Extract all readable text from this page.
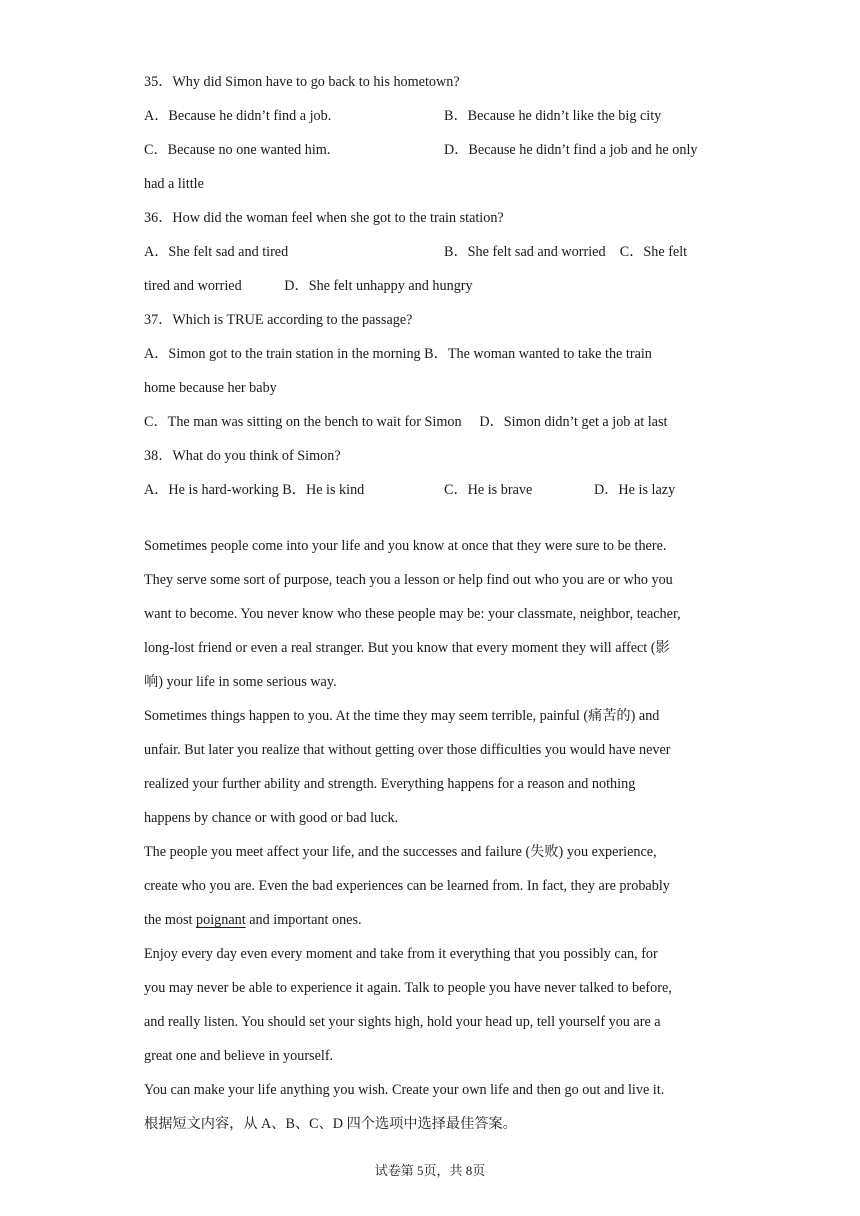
35．Why did Simon have to go back to his hometown?
A．Because he didn’t find a job.	B．Because he didn’t like the big city
C．Because no one wanted him.	D．Because he didn’t find a job and he only
had a little
36．How did the woman feel when she got to the train station?
A．She felt sad and tired	B．She felt sad and worried　C．She felt
tired and worried　　　D．She felt unhappy and hungry
37．Which is TRUE according to the passage?
A．Simon got to the train station in the morning B．The woman wanted to take the train
home because her baby
C．The man was sitting on the bench to wait for Simon　 D．Simon didn’t get a job at last
38．What do you think of Simon?
A．He is hard-working B．He is kind	C．He is brave	D．He is lazy
Sometimes people come into your life and you know at once that they were sure to be there.
They serve some sort of purpose, teach you a lesson or help find out who you are or who you
want to become. You never know who these people may be: your classmate, neighbor, teacher,
long-lost friend or even a real stranger. But you know that every moment they will affect (影
响) your life in some serious way.
Sometimes things happen to you. At the time they may seem terrible, painful (痛苦的) and
unfair. But later you realize that without getting over those difficulties you would have never
realized your further ability and strength. Everything happens for a reason and nothing
happens by chance or with good or bad luck.
The people you meet affect your life, and the successes and failure (失败) you experience,
create who you are. Even the bad experiences can be learned from. In fact, they are probably
the most poignant and important ones.
Enjoy every day even every moment and take from it everything that you possibly can, for
you may never be able to experience it again. Talk to people you have never talked to before,
and really listen. You should set your sights high, hold your head up, tell yourself you are a
great one and believe in yourself.
You can make your life anything you wish. Create your own life and then go out and live it.
根据短文内容，从 A、B、C、D 四个选项中选择最佳答案。
试卷第 5页，共 8页
